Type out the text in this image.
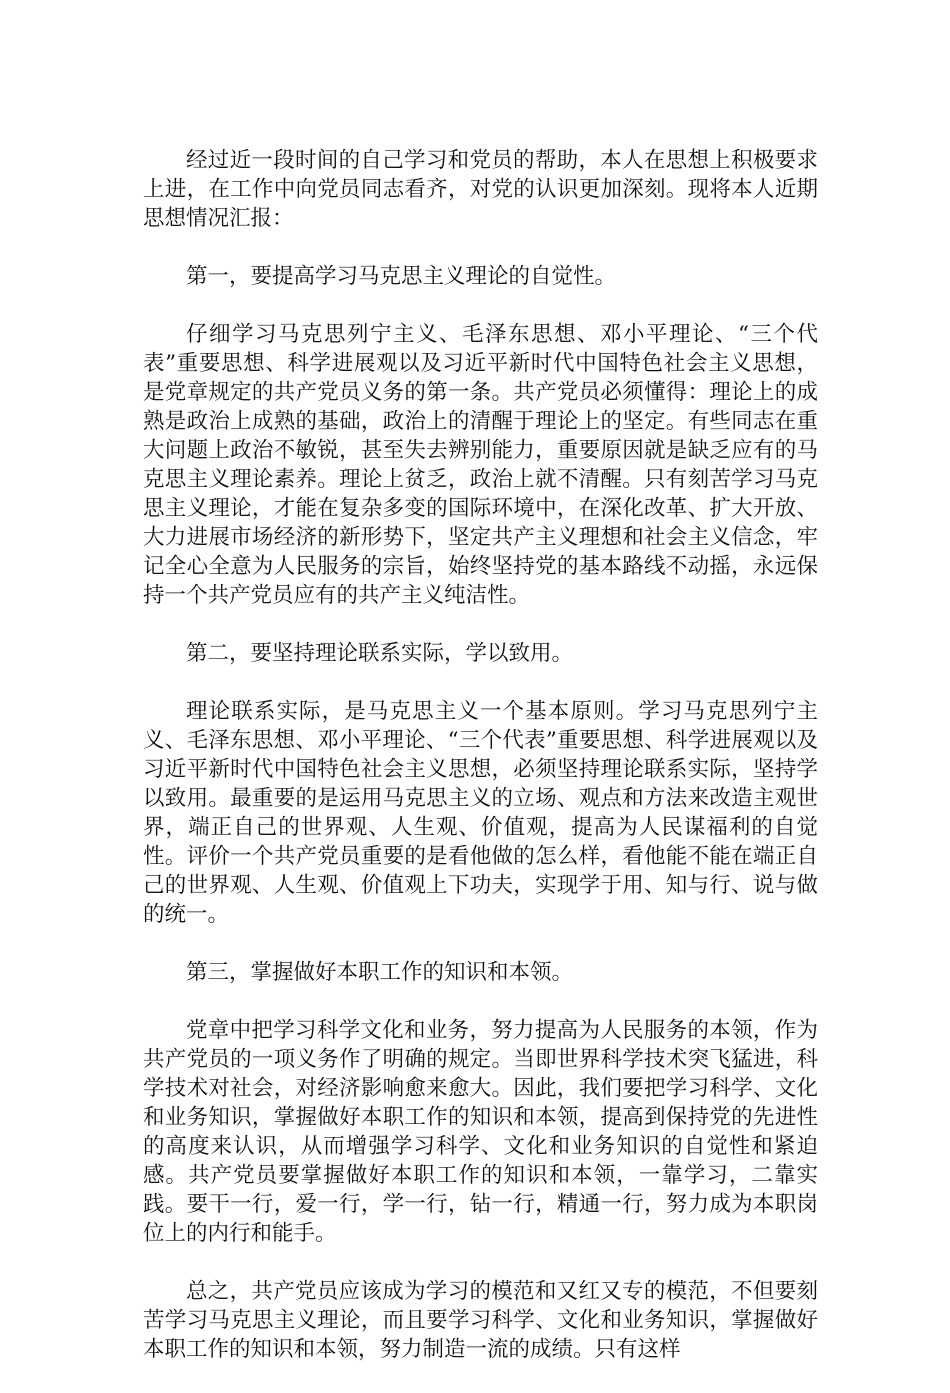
经过近一段时间的自己学习和党员的帮助，本人在思想上积极要求上进，在工作中向党员同志看齐，对党的认识更加深刻。现将本人近期思想情况汇报：

第一，要提高学习马克思主义理论的自觉性。

仔细学习马克思列宁主义、毛泽东思想、邓小平理论、“三个代表”重要思想、科学进展观以及习近平新时代中国特色社会主义思想，是党章规定的共产党员义务的第一条。共产党员必须懂得：理论上的成熟是政治上成熟的基础，政治上的清醒于理论上的坚定。有些同志在重大问题上政治不敏锐，甚至失去辨别能力，重要原因就是缺乏应有的马克思主义理论素养。理论上贫乏，政治上就不清醒。只有刻苦学习马克思主义理论，才能在复杂多变的国际环境中，在深化改革、扩大开放、大力进展市场经济的新形势下，坚定共产主义理想和社会主义信念，牢记全心全意为人民服务的宗旨，始终坚持党的基本路线不动摇，永远保持一个共产党员应有的共产主义纯洁性。

第二，要坚持理论联系实际，学以致用。

理论联系实际，是马克思主义一个基本原则。学习马克思列宁主义、毛泽东思想、邓小平理论、“三个代表”重要思想、科学进展观以及习近平新时代中国特色社会主义思想，必须坚持理论联系实际，坚持学以致用。最重要的是运用马克思主义的立场、观点和方法来改造主观世界，端正自己的世界观、人生观、价值观，提高为人民谋福利的自觉性。评价一个共产党员重要的是看他做的怎么样，看他能不能在端正自己的世界观、人生观、价值观上下功夫，实现学于用、知与行、说与做的统一。

第三，掌握做好本职工作的知识和本领。

党章中把学习科学文化和业务，努力提高为人民服务的本领，作为共产党员的一项义务作了明确的规定。当即世界科学技术突飞猛进，科学技术对社会，对经济影响愈来愈大。因此，我们要把学习科学、文化和业务知识，掌握做好本职工作的知识和本领，提高到保持党的先进性的高度来认识，从而增强学习科学、文化和业务知识的自觉性和紧迫感。共产党员要掌握做好本职工作的知识和本领，一靠学习，二靠实践。要干一行，爱一行，学一行，钻一行，精通一行，努力成为本职岗位上的内行和能手。

总之，共产党员应该成为学习的模范和又红又专的模范，不但要刻苦学习马克思主义理论，而且要学习科学、文化和业务知识，掌握做好本职工作的知识和本领，努力制造一流的成绩。只有这样
